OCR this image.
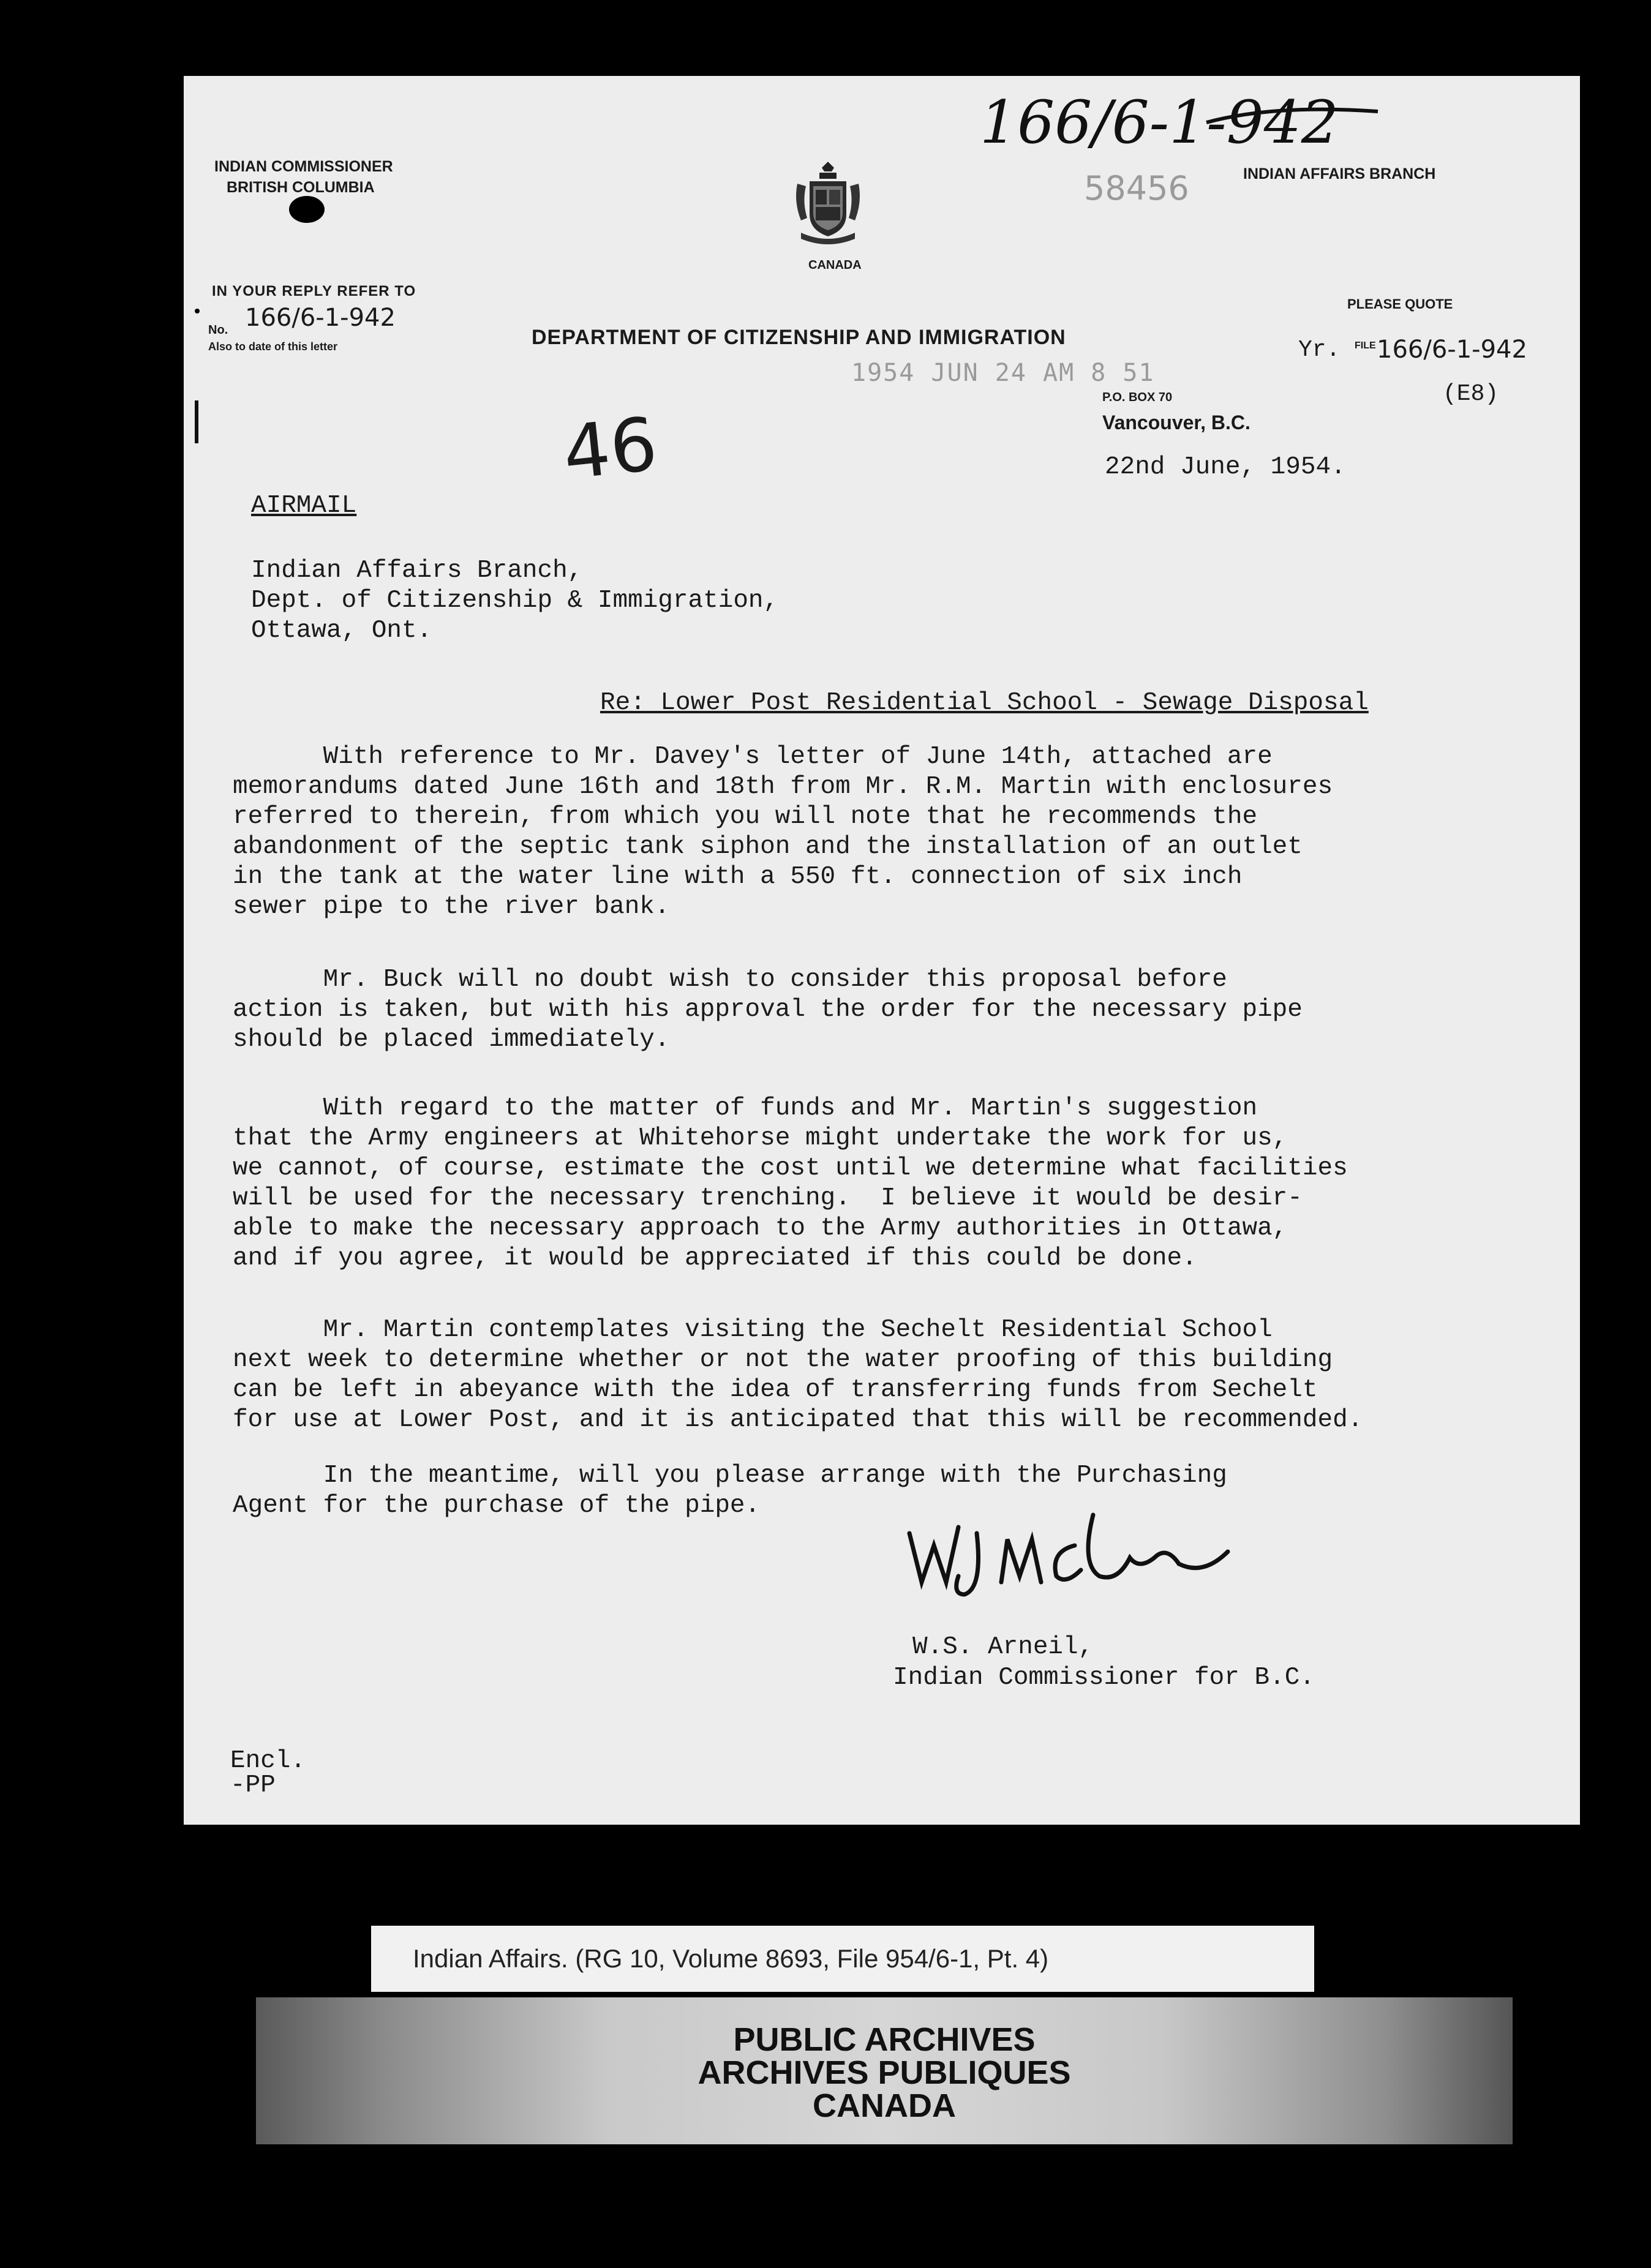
INDIAN COMMISSIONER
BRITISH COLUMBIA
IN YOUR REPLY REFER TO
No. 166/6-1-942
Also to date of this letter
CANADA
DEPARTMENT OF CITIZENSHIP AND IMMIGRATION
166/6-1-942
INDIAN AFFAIRS BRANCH
58456
PLEASE QUOTE
Yr. FILE 166/6-1-942
(E8)
1954 JUN 24 AM 8 51
P.O. BOX 70
Vancouver, B.C.
22nd June, 1954.
46
AIRMAIL
Indian Affairs Branch,
Dept. of Citizenship & Immigration,
Ottawa, Ont.
Re: Lower Post Residential School - Sewage Disposal
With reference to Mr. Davey's letter of June 14th, attached are
memorandums dated June 16th and 18th from Mr. R.M. Martin with enclosures
referred to therein, from which you will note that he recommends the
abandonment of the septic tank siphon and the installation of an outlet
in the tank at the water line with a 550 ft. connection of six inch
sewer pipe to the river bank.
Mr. Buck will no doubt wish to consider this proposal before
action is taken, but with his approval the order for the necessary pipe
should be placed immediately.
With regard to the matter of funds and Mr. Martin's suggestion
that the Army engineers at Whitehorse might undertake the work for us,
we cannot, of course, estimate the cost until we determine what facilities
will be used for the necessary trenching.  I believe it would be desir-
able to make the necessary approach to the Army authorities in Ottawa,
and if you agree, it would be appreciated if this could be done.
Mr. Martin contemplates visiting the Sechelt Residential School
next week to determine whether or not the water proofing of this building
can be left in abeyance with the idea of transferring funds from Sechelt
for use at Lower Post, and it is anticipated that this will be recommended.
In the meantime, will you please arrange with the Purchasing
Agent for the purchase of the pipe.
W.S. Arneil,
Indian Commissioner for B.C.
Encl.
-PP
Indian Affairs. (RG 10, Volume 8693, File 954/6-1, Pt. 4)
PUBLIC ARCHIVES
ARCHIVES PUBLIQUES
CANADA
